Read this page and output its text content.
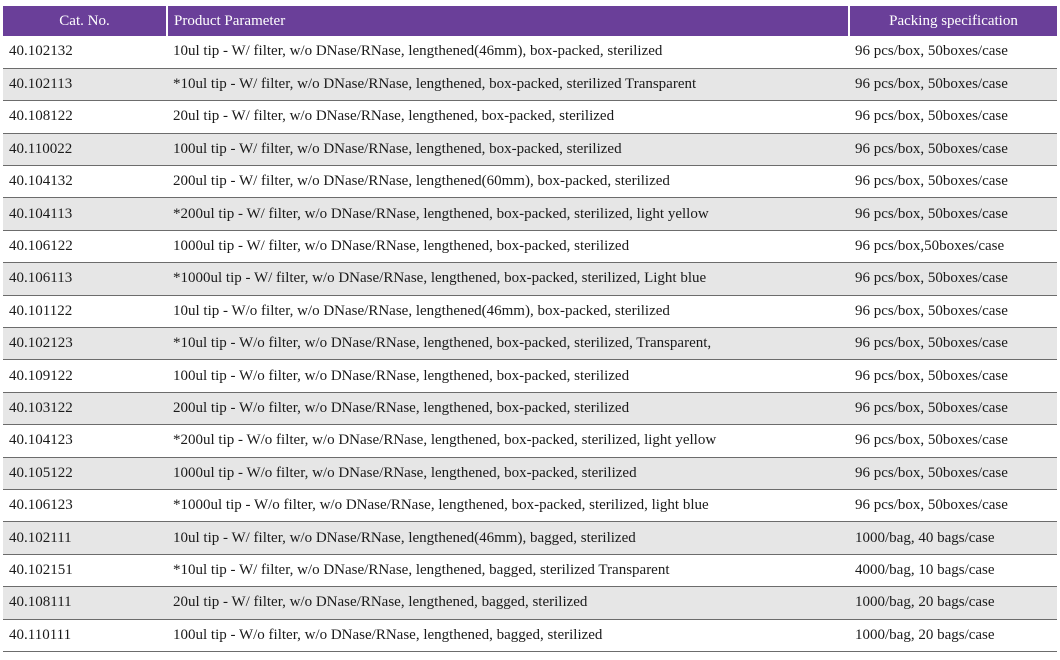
Cat. No.	Product Parameter	Packing specification
40.102132	10ul tip - W/ filter, w/o DNase/RNase, lengthened(46mm), box-packed, sterilized	96 pcs/box, 50boxes/case
40.102113	*10ul tip - W/ filter, w/o DNase/RNase, lengthened, box-packed, sterilized Transparent	96 pcs/box, 50boxes/case
40.108122	20ul tip - W/ filter, w/o DNase/RNase, lengthened, box-packed, sterilized	96 pcs/box, 50boxes/case
40.110022	100ul tip - W/ filter, w/o DNase/RNase, lengthened, box-packed, sterilized	96 pcs/box, 50boxes/case
40.104132	200ul tip - W/ filter, w/o DNase/RNase, lengthened(60mm), box-packed, sterilized	96 pcs/box, 50boxes/case
40.104113	*200ul tip - W/ filter, w/o DNase/RNase, lengthened, box-packed, sterilized, light yellow	96 pcs/box, 50boxes/case
40.106122	1000ul tip - W/ filter, w/o DNase/RNase, lengthened, box-packed, sterilized	96 pcs/box,50boxes/case
40.106113	*1000ul tip - W/ filter, w/o DNase/RNase, lengthened, box-packed, sterilized, Light blue	96 pcs/box, 50boxes/case
40.101122	10ul tip - W/o filter, w/o DNase/RNase, lengthened(46mm), box-packed, sterilized	96 pcs/box, 50boxes/case
40.102123	*10ul tip - W/o filter, w/o DNase/RNase, lengthened, box-packed, sterilized, Transparent,	96 pcs/box, 50boxes/case
40.109122	100ul tip - W/o filter, w/o DNase/RNase, lengthened, box-packed, sterilized	96 pcs/box, 50boxes/case
40.103122	200ul tip - W/o filter, w/o DNase/RNase, lengthened, box-packed, sterilized	96 pcs/box, 50boxes/case
40.104123	*200ul tip - W/o filter, w/o DNase/RNase, lengthened, box-packed, sterilized, light yellow	96 pcs/box, 50boxes/case
40.105122	1000ul tip - W/o filter, w/o DNase/RNase, lengthened, box-packed, sterilized	96 pcs/box, 50boxes/case
40.106123	*1000ul tip - W/o filter, w/o DNase/RNase, lengthened, box-packed, sterilized, light blue	96 pcs/box, 50boxes/case
40.102111	10ul tip - W/ filter, w/o DNase/RNase, lengthened(46mm), bagged, sterilized	1000/bag, 40 bags/case
40.102151	*10ul tip - W/ filter, w/o DNase/RNase, lengthened, bagged, sterilized Transparent	4000/bag, 10 bags/case
40.108111	20ul tip - W/ filter, w/o DNase/RNase, lengthened, bagged, sterilized	1000/bag, 20 bags/case
40.110111	100ul tip - W/o filter, w/o DNase/RNase, lengthened, bagged, sterilized	1000/bag, 20 bags/case
